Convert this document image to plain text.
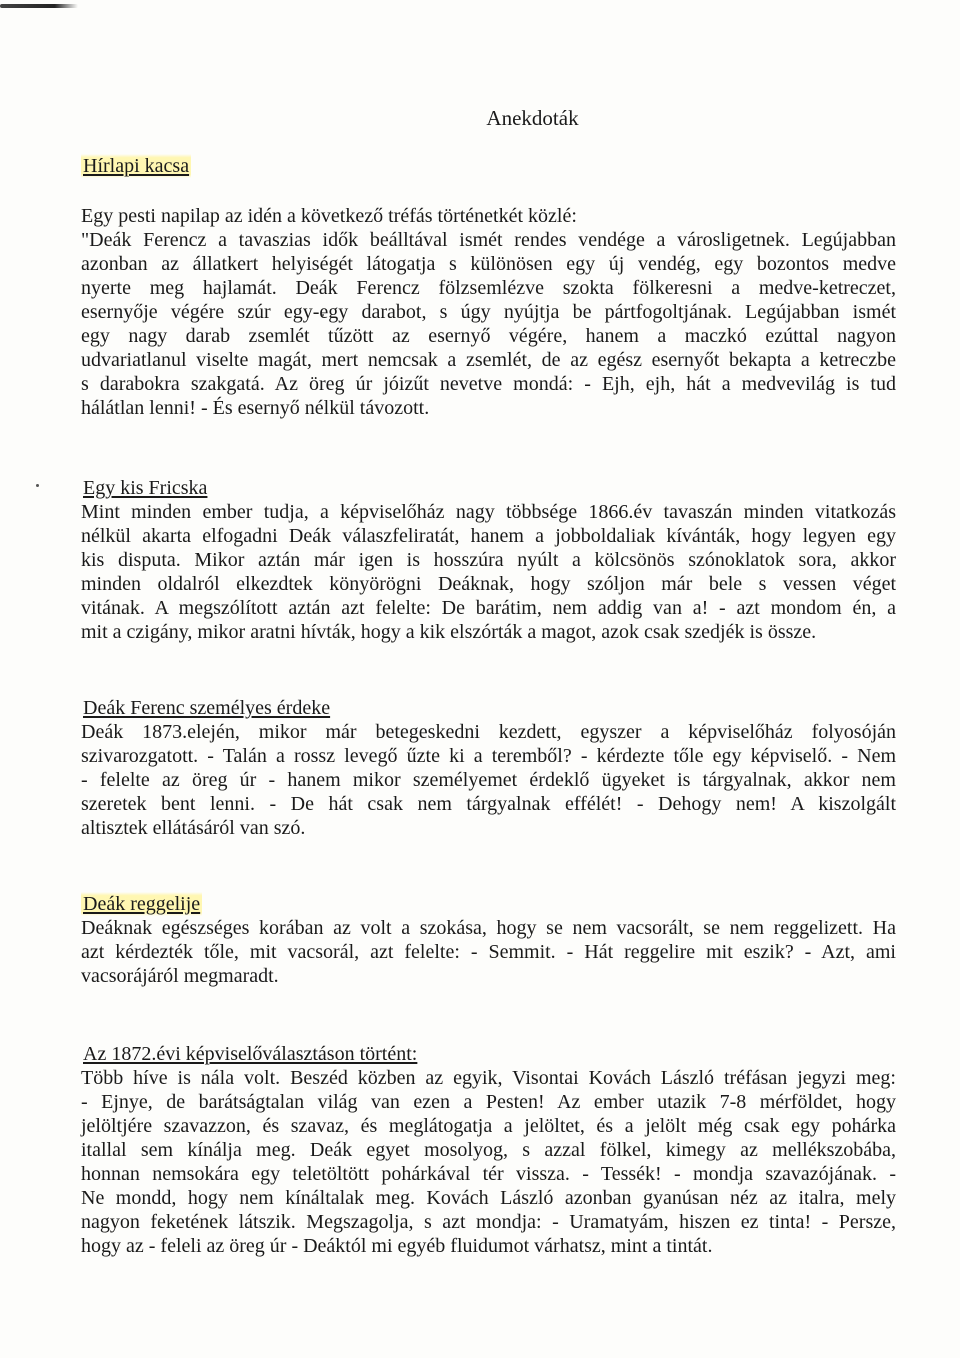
Anekdoták
Hírlapi kacsa
Egy pesti napilap az idén a következő tréfás történetkét közlé:
"Deák Ferencz a tavaszias idők beálltával ismét rendes vendége a városligetnek. Legújabban
azonban az állatkert helyiségét látogatja s különösen egy új vendég, egy bozontos medve
nyerte meg hajlamát. Deák Ferencz fölzsemlézve szokta fölkeresni a medve-ketreczet,
esernyője végére szúr egy-egy darabot, s úgy nyújtja be pártfogoltjának. Legújabban ismét
egy nagy darab zsemlét tűzött az esernyő végére, hanem a maczkó ezúttal nagyon
udvariatlanul viselte magát, mert nemcsak a zsemlét, de az egész esernyőt bekapta a ketreczbe
s darabokra szakgatá. Az öreg úr jóizűt nevetve mondá: - Ejh, ejh, hát a medvevilág is tud
hálátlan lenni! - És esernyő nélkül távozott.
Egy kis Fricska
Mint minden ember tudja, a képviselőház nagy többsége 1866.év tavaszán minden vitatkozás
nélkül akarta elfogadni Deák válaszfeliratát, hanem a jobboldaliak kívánták, hogy legyen egy
kis disputa. Mikor aztán már igen is hosszúra nyúlt a kölcsönös szónoklatok sora, akkor
minden oldalról elkezdtek könyörögni Deáknak, hogy szóljon már bele s vessen véget
vitának. A megszólított aztán azt felelte: De barátim, nem addig van a! - azt mondom én, a
mit a czigány, mikor aratni hívták, hogy a kik elszórták a magot, azok csak szedjék is össze.
Deák Ferenc személyes érdeke
Deák 1873.elején, mikor már betegeskedni kezdett, egyszer a képviselőház folyosóján
szivarozgatott. - Talán a rossz levegő űzte ki a teremből? - kérdezte tőle egy képviselő. - Nem
- felelte az öreg úr - hanem mikor személyemet érdeklő ügyeket is tárgyalnak, akkor nem
szeretek bent lenni. - De hát csak nem tárgyalnak effélét! - Dehogy nem! A kiszolgált
altisztek ellátásáról van szó.
Deák reggelije
Deáknak egészséges korában az volt a szokása, hogy se nem vacsorált, se nem reggelizett. Ha
azt kérdezték tőle, mit vacsorál, azt felelte: - Semmit. - Hát reggelire mit eszik? - Azt, ami
vacsorájáról megmaradt.
Az 1872.évi képviselőválasztáson történt:
Több híve is nála volt. Beszéd közben az egyik, Visontai Kovách László tréfásan jegyzi meg:
- Ejnye, de barátságtalan világ van ezen a Pesten! Az ember utazik 7-8 mérföldet, hogy
jelöltjére szavazzon, és szavaz, és meglátogatja a jelöltet, és a jelölt még csak egy pohárka
itallal sem kínálja meg. Deák egyet mosolyog, s azzal fölkel, kimegy az mellékszobába,
honnan nemsokára egy teletöltött pohárkával tér vissza. - Tessék! - mondja szavazójának. -
Ne mondd, hogy nem kínáltalak meg. Kovách László azonban gyanúsan néz az italra, mely
nagyon feketének látszik. Megszagolja, s azt mondja: - Uramatyám, hiszen ez tinta! - Persze,
hogy az - feleli az öreg úr - Deáktól mi egyéb fluidumot várhatsz, mint a tintát.
